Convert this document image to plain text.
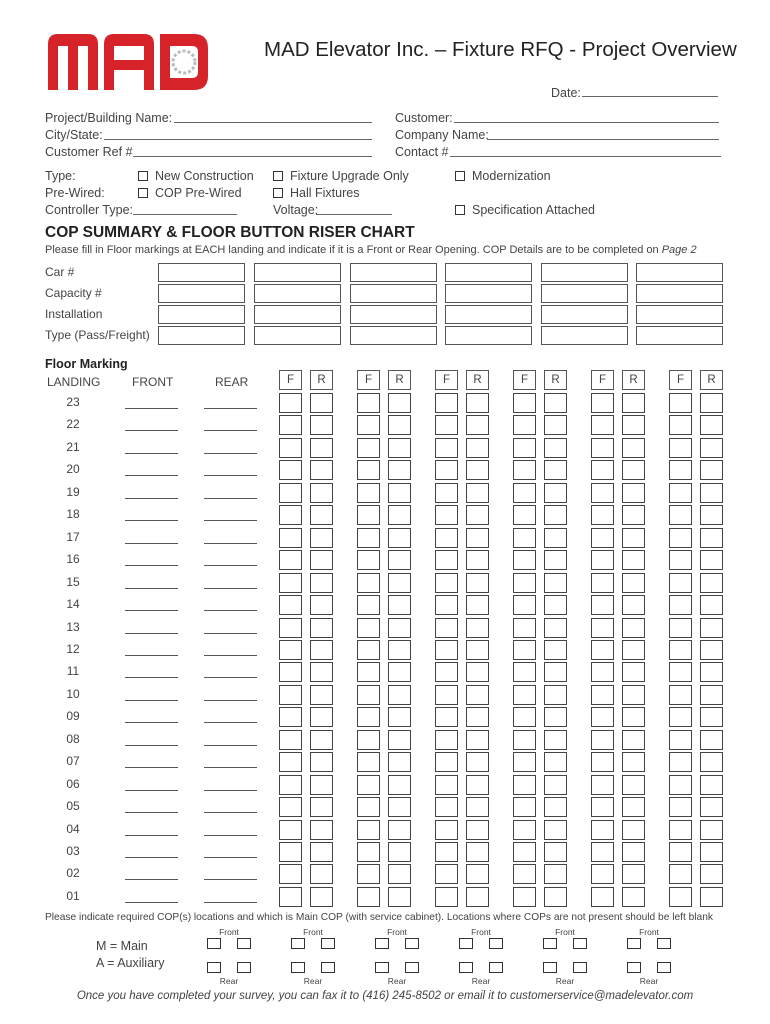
MAD Elevator Inc. – Fixture RFQ - Project Overview
Date:
Project/Building Name:
City/State:
Customer Ref #
Customer:
Company Name:
Contact #
Type:
Pre-Wired:
Controller Type:
New Construction
COP Pre-Wired
Fixture Upgrade Only
Hall Fixtures
Voltage:
Modernization
Specification Attached
COP SUMMARY & FLOOR BUTTON RISER CHART
Please fill in Floor markings at EACH landing and indicate if it is a Front or Rear Opening. COP Details are to be completed on Page 2
Car #
Capacity #
Installation
Type (Pass/Freight)
Floor Marking
LANDING	FRONT	REAR	F	R	F	R	F	R	F	R	F	R	F	R
23
22
21
20
19
18
17
16
15
14
13
12
11
10
09
08
07
06
05
04
03
02
01
Please indicate required COP(s) locations and which is Main COP (with service cabinet). Locations where COPs are not present should be left blank
M = Main
A = Auxiliary
Front
Rear
Front
Rear
Front
Rear
Front
Rear
Front
Rear
Front
Rear
Once you have completed your survey, you can fax it to (416) 245-8502 or email it to customerservice@madelevator.com
